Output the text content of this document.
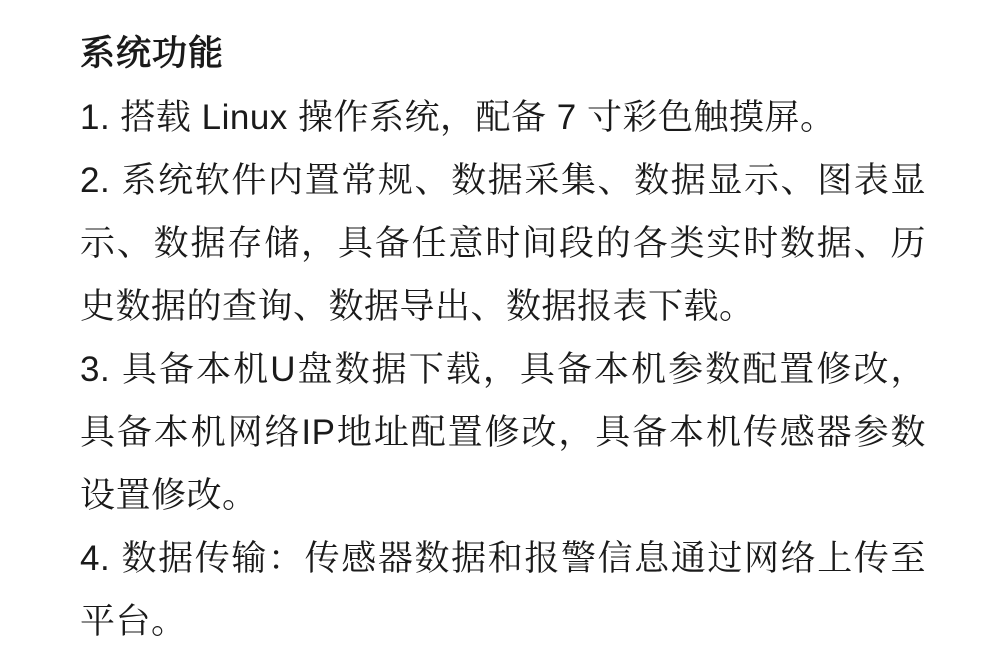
系统功能

1. 搭载 Linux 操作系统，配备 7 寸彩色触摸屏。

2. 系统软件内置常规、数据采集、数据显示、图表显示、数据存储，具备任意时间段的各类实时数据、历史数据的查询、数据导出、数据报表下载。

3. 具备本机U盘数据下载，具备本机参数配置修改，具备本机网络IP地址配置修改，具备本机传感器参数设置修改。

4. 数据传输：传感器数据和报警信息通过网络上传至平台。
